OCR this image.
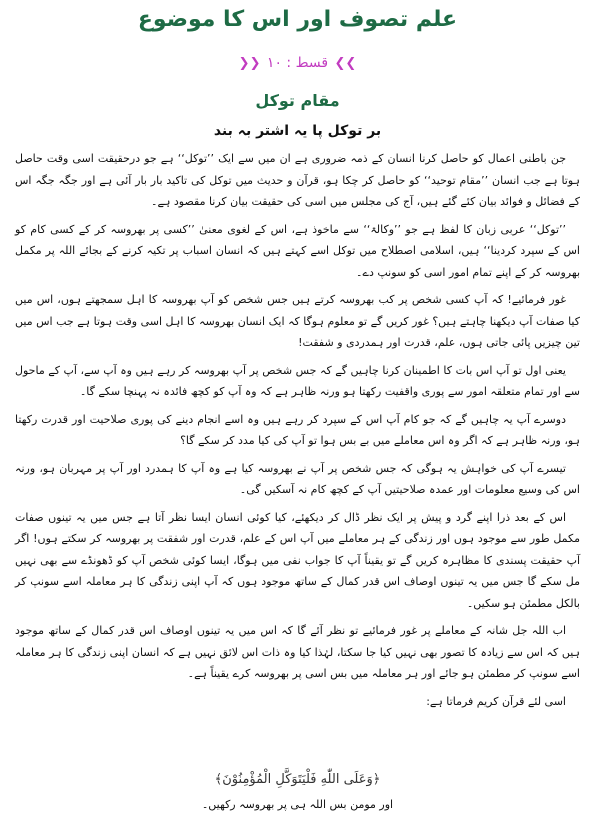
علم تصوف اور اس کا موضوع
❯❯ قسط : ۱۰ ❮❮
مقام توکل
بر توکل پا یہ اشتر بہ بند

جن باطنی اعمال کو حاصل کرنا انسان کے ذمہ ضروری ہے ان میں سے ایک ’’توکل‘‘ ہے جو درحقیقت اسی وقت حاصل ہوتا ہے جب انسان ’’مقام توحید‘‘ کو حاصل کر چکا ہو، قرآن و حدیث میں توکل کی تاکید بار بار آئی ہے اور جگہ جگہ اس کے فضائل و فوائد بیان کئے گئے ہیں، آج کی مجلس میں اسی کی حقیقت بیان کرنا مقصود ہے۔

’’توکل‘‘ عربی زبان کا لفظ ہے جو ’’وکالۃ‘‘ سے ماخوذ ہے، اس کے لغوی معنیٰ ’’کسی پر بھروسہ کر کے کسی کام کو اس کے سپرد کردینا‘‘ ہیں، اسلامی اصطلاح میں توکل اسے کہتے ہیں کہ انسان اسباب پر تکیہ کرنے کے بجائے اللہ پر مکمل بھروسہ کر کے اپنے تمام امور اسی کو سونپ دے۔

غور فرمائیے! کہ آپ کسی شخص پر کب بھروسہ کرتے ہیں جس شخص کو آپ بھروسہ کا اہل سمجھتے ہوں، اس میں کیا صفات آپ دیکھنا چاہتے ہیں؟ غور کریں گے تو معلوم ہوگا کہ ایک انسان بھروسہ کا اہل اسی وقت ہوتا ہے جب اس میں تین چیزیں پائی جاتی ہوں، علم، قدرت اور ہمدردی و شفقت!

یعنی اول تو آپ اس بات کا اطمینان کرنا چاہیں گے کہ جس شخص پر آپ بھروسہ کر رہے ہیں وہ آپ سے، آپ کے ماحول سے اور تمام متعلقہ امور سے پوری واقفیت رکھتا ہو ورنہ ظاہر ہے کہ وہ آپ کو کچھ فائدہ نہ پہنچا سکے گا۔

دوسرے آپ یہ چاہیں گے کہ جو کام آپ اس کے سپرد کر رہے ہیں وہ اسے انجام دینے کی پوری صلاحیت اور قدرت رکھتا ہو، ورنہ ظاہر ہے کہ اگر وہ اس معاملے میں بے بس ہوا تو آپ کی کیا مدد کر سکے گا؟

تیسرے آپ کی خواہش یہ ہوگی کہ جس شخص پر آپ نے بھروسہ کیا ہے وہ آپ کا ہمدرد اور آپ پر مہربان ہو، ورنہ اس کی وسیع معلومات اور عمدہ صلاحیتیں آپ کے کچھ کام نہ آسکیں گی۔

اس کے بعد ذرا اپنے گرد و پیش پر ایک نظر ڈال کر دیکھئے، کیا کوئی انسان ایسا نظر آتا ہے جس میں یہ تینوں صفات مکمل طور سے موجود ہوں اور زندگی کے ہر معاملے میں آپ اس کے علم، قدرت اور شفقت پر بھروسہ کر سکتے ہوں! اگر آپ حقیقت پسندی کا مظاہرہ کریں گے تو یقیناً آپ کا جواب نفی میں ہوگا، ایسا کوئی شخص آپ کو ڈھونڈے سے بھی نہیں مل سکے گا جس میں یہ تینوں اوصاف اس قدر کمال کے ساتھ موجود ہوں کہ آپ اپنی زندگی کا ہر معاملہ اسے سونپ کر بالکل مطمئن ہو سکیں۔

اب اللہ جل شانہ کے معاملے پر غور فرمائیے تو نظر آئے گا کہ اس میں یہ تینوں اوصاف اس قدر کمال کے ساتھ موجود ہیں کہ اس سے زیادہ کا تصور بھی نہیں کیا جا سکتا، لہٰذا کیا وہ ذات اس لائق نہیں ہے کہ انسان اپنی زندگی کا ہر معاملہ اسے سونپ کر مطمئن ہو جائے اور ہر معاملہ میں بس اسی پر بھروسہ کرے یقیناً ہے۔

اسی لئے قرآن کریم فرماتا ہے:

﴿وَعَلَى اللّٰهِ فَلْيَتَوَكَّلِ الْمُؤْمِنُوْنَ﴾
اور مومن بس اللہ ہی پر بھروسہ رکھیں۔
